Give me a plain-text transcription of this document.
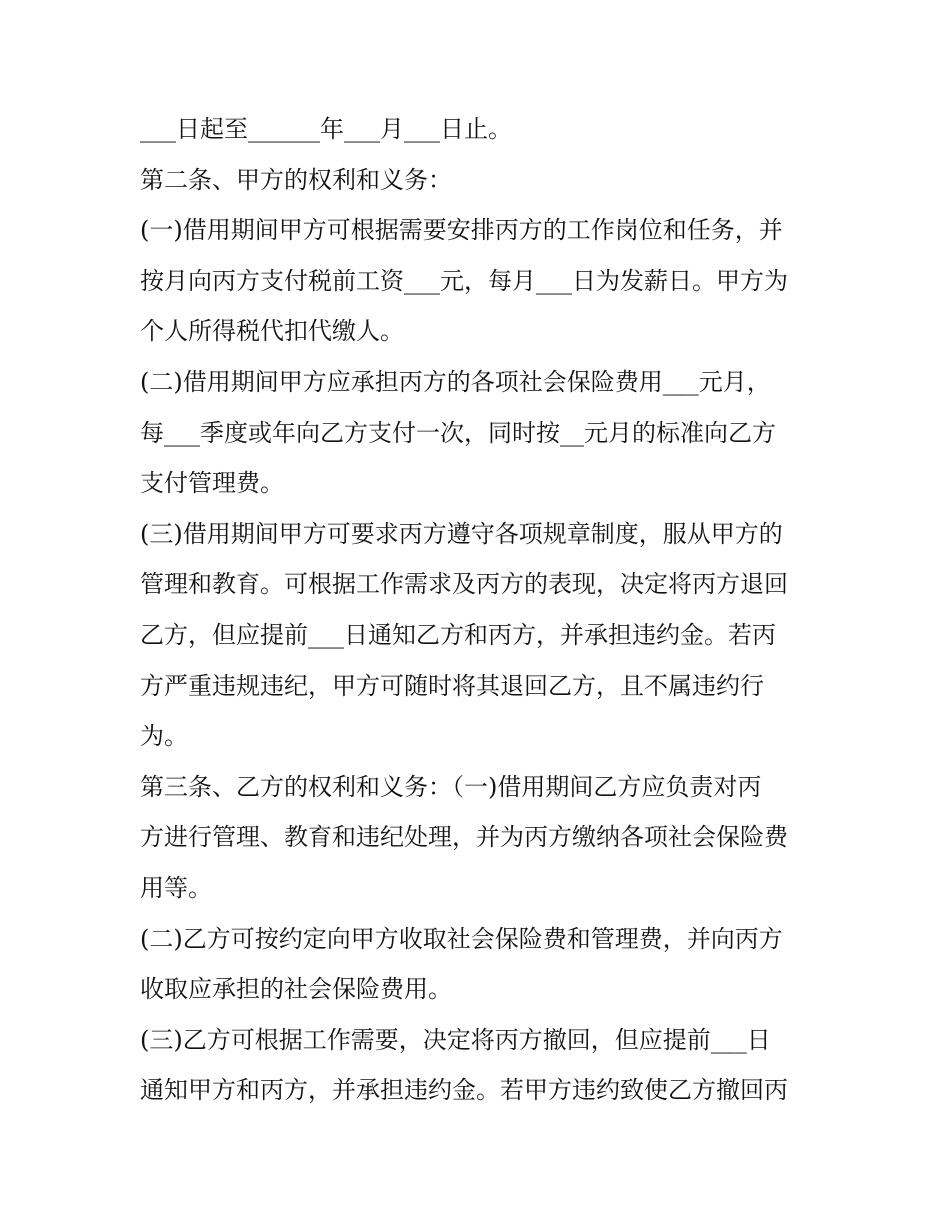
___日起至______年___月___日止。
第二条、甲方的权利和义务：
(一)借用期间甲方可根据需要安排丙方的工作岗位和任务，并
按月向丙方支付税前工资___元，每月___日为发薪日。甲方为
个人所得税代扣代缴人。
(二)借用期间甲方应承担丙方的各项社会保险费用___元月，
每___季度或年向乙方支付一次，同时按__元月的标准向乙方
支付管理费。
(三)借用期间甲方可要求丙方遵守各项规章制度，服从甲方的
管理和教育。可根据工作需求及丙方的表现，决定将丙方退回
乙方，但应提前___日通知乙方和丙方，并承担违约金。若丙
方严重违规违纪，甲方可随时将其退回乙方，且不属违约行
为。
第三条、乙方的权利和义务：（一)借用期间乙方应负责对丙
方进行管理、教育和违纪处理，并为丙方缴纳各项社会保险费
用等。
(二)乙方可按约定向甲方收取社会保险费和管理费，并向丙方
收取应承担的社会保险费用。
(三)乙方可根据工作需要，决定将丙方撤回，但应提前___日
通知甲方和丙方，并承担违约金。若甲方违约致使乙方撤回丙
